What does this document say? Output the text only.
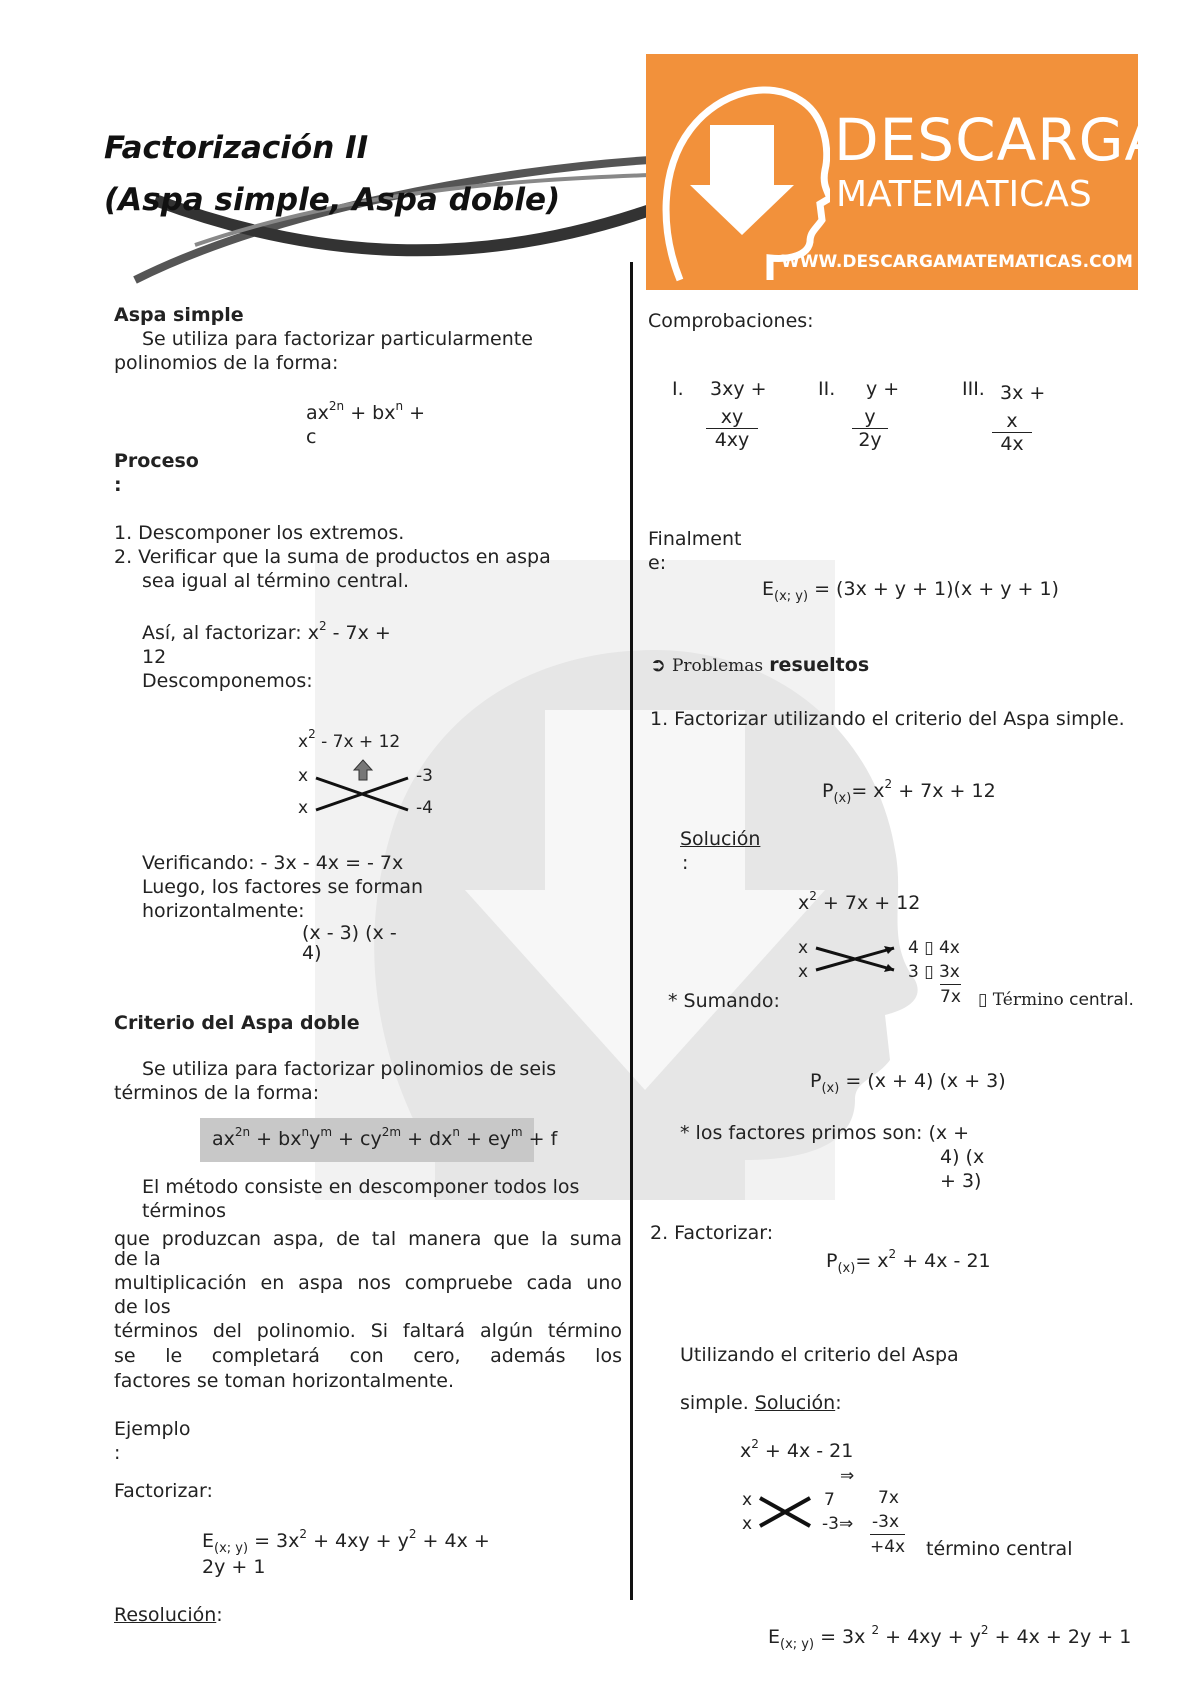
Factorización II
(Aspa simple, Aspa doble)
DESCARGA
MATEMATICAS
WWW.DESCARGAMATEMATICAS.COM
Aspa simple
Se utiliza para factorizar particularmente
polinomios de la forma:
$ax^{2n} + bx^n$ +
c
Proceso
:
1. Descomponer los extremos.
2. Verificar que la suma de productos en aspa
sea igual al término central.
Así, al factorizar: $x^2 - 7x$ +
12
Descomponemos:
$x^2 - 7x + 12$
x
x
-3
-4
Verificando: - 3x - 4x = - 7x
Luego, los factores se forman
horizontalmente:
(x - 3) (x -
4)
Criterio del Aspa doble
Se utiliza para factorizar polinomios de seis
términos de la forma:
$ax^{2n} + bx^ny^m + cy^{2m} + dx^n + ey^m + f$
El método consiste en descomponer todos los
términos
que produzcan aspa, de tal manera que la suma
de la
multiplicación en aspa nos compruebe cada uno
de los
términos del polinomio. Si faltará algún término
se le completará con cero, además los
factores se toman horizontalmente.
Ejemplo
:
Factorizar:
$E_{(x; y)} = 3x^2 + 4xy + y^2 + 4x$ +
2y + 1
Resolución:
Comprobaciones:
I. 3xy +
$\frac{xy}{4xy}$
II. y +
$\frac{y}{2y}$
III. 3x +
$\frac{x}{4x}$
Finalment
e:
$E_{(x; y)} = (3x + y + 1)(x + y + 1)$
➲ Problemas resueltos
1. Factorizar utilizando el criterio del Aspa simple.
$P_{(x)}= x^2 + 7x + 12$
Solución
:
$x^2 + 7x + 12$
x
x
4 ▯ 4x
3 ▯ 3x
* Sumando:	7x ▯ Término central.
$P_{(x)} = (x + 4) (x + 3)$
* los factores primos son: (x +
4) (x
+ 3)
2. Factorizar:
$P_{(x)}= x^2 + 4x - 21$
Utilizando el criterio del Aspa
simple. Solución:
$x^2 + 4x - 21$
⇒
x
x
7
-3⇒
7x
-3x
+4x término central
$E_{(x; y)} = 3x$ $^2 + 4xy + y^2 + 4x + 2y + 1$
